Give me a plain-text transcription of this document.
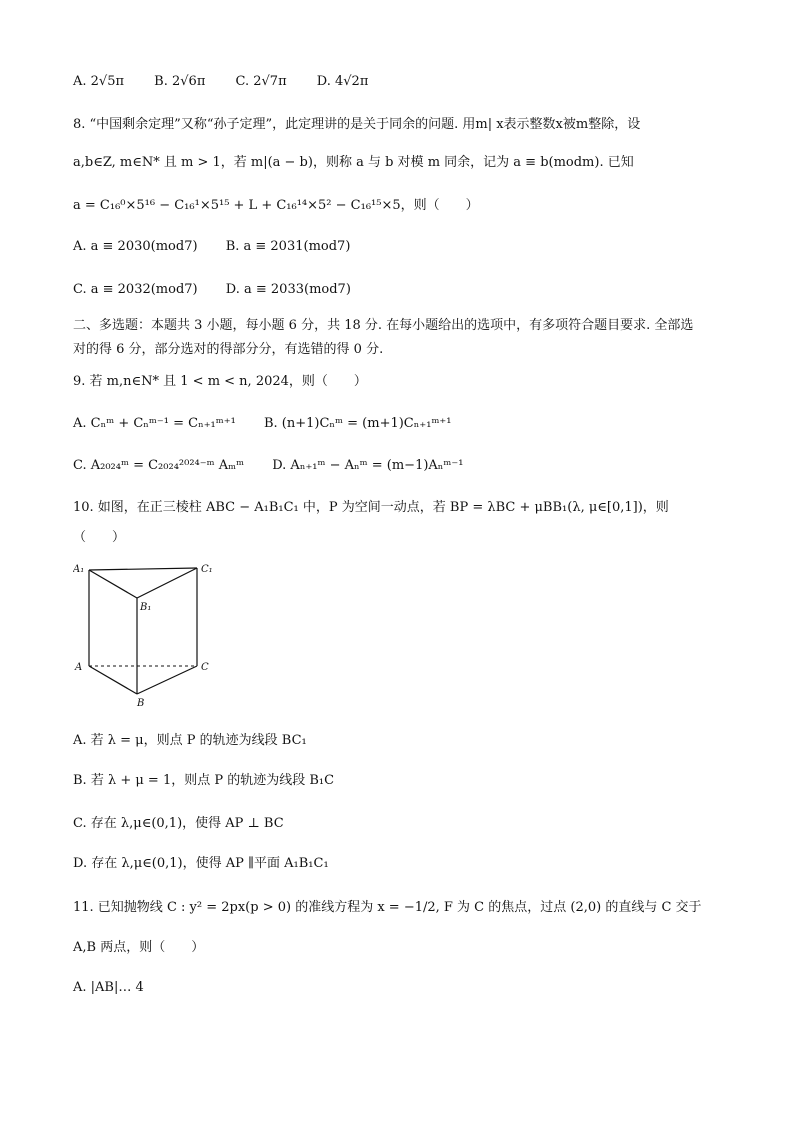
A. 2√5π B. 2√6π C. 2√7π D. 4√2π
8. “中国剩余定理”又称“孙子定理”，此定理讲的是关于同余的问题. 用m| x表示整数x被m整除，设
a,b∈Z, m∈N* 且 m > 1，若 m|(a − b)，则称 a 与 b 对模 m 同余，记为 a ≡ b(modm). 已知
a = C₁₆⁰×5¹⁶ − C₁₆¹×5¹⁵ + L + C₁₆¹⁴×5² − C₁₆¹⁵×5，则（　　）
A. a ≡ 2030(mod7) B. a ≡ 2031(mod7)
C. a ≡ 2032(mod7) D. a ≡ 2033(mod7)
二、多选题：本题共 3 小题，每小题 6 分，共 18 分. 在每小题给出的选项中，有多项符合题目要求. 全部选
对的得 6 分，部分选对的得部分分，有选错的得 0 分.
9. 若 m,n∈N* 且 1 < m < n, 2024，则（　　）
A. Cₙᵐ + Cₙᵐ⁻¹ = Cₙ₊₁ᵐ⁺¹ B. (n+1)Cₙᵐ = (m+1)Cₙ₊₁ᵐ⁺¹
C. A₂₀₂₄ᵐ = C₂₀₂₄²⁰²⁴⁻ᵐ Aₘᵐ D. Aₙ₊₁ᵐ − Aₙᵐ = (m−1)Aₙᵐ⁻¹
10. 如图，在正三棱柱 ABC − A₁B₁C₁ 中，P 为空间一动点，若 BP = λBC + μBB₁(λ, μ∈[0,1])，则
（　　）
A₁	C₁
B₁
A	C
B
A. 若 λ = μ，则点 P 的轨迹为线段 BC₁
B. 若 λ + μ = 1，则点 P 的轨迹为线段 B₁C
C. 存在 λ,μ∈(0,1)，使得 AP ⊥ BC
D. 存在 λ,μ∈(0,1)，使得 AP ∥平面 A₁B₁C₁
11. 已知抛物线 C : y² = 2px(p > 0) 的准线方程为 x = −1/2, F 为 C 的焦点，过点 (2,0) 的直线与 C 交于
A,B 两点，则（　　）
A. |AB|… 4
